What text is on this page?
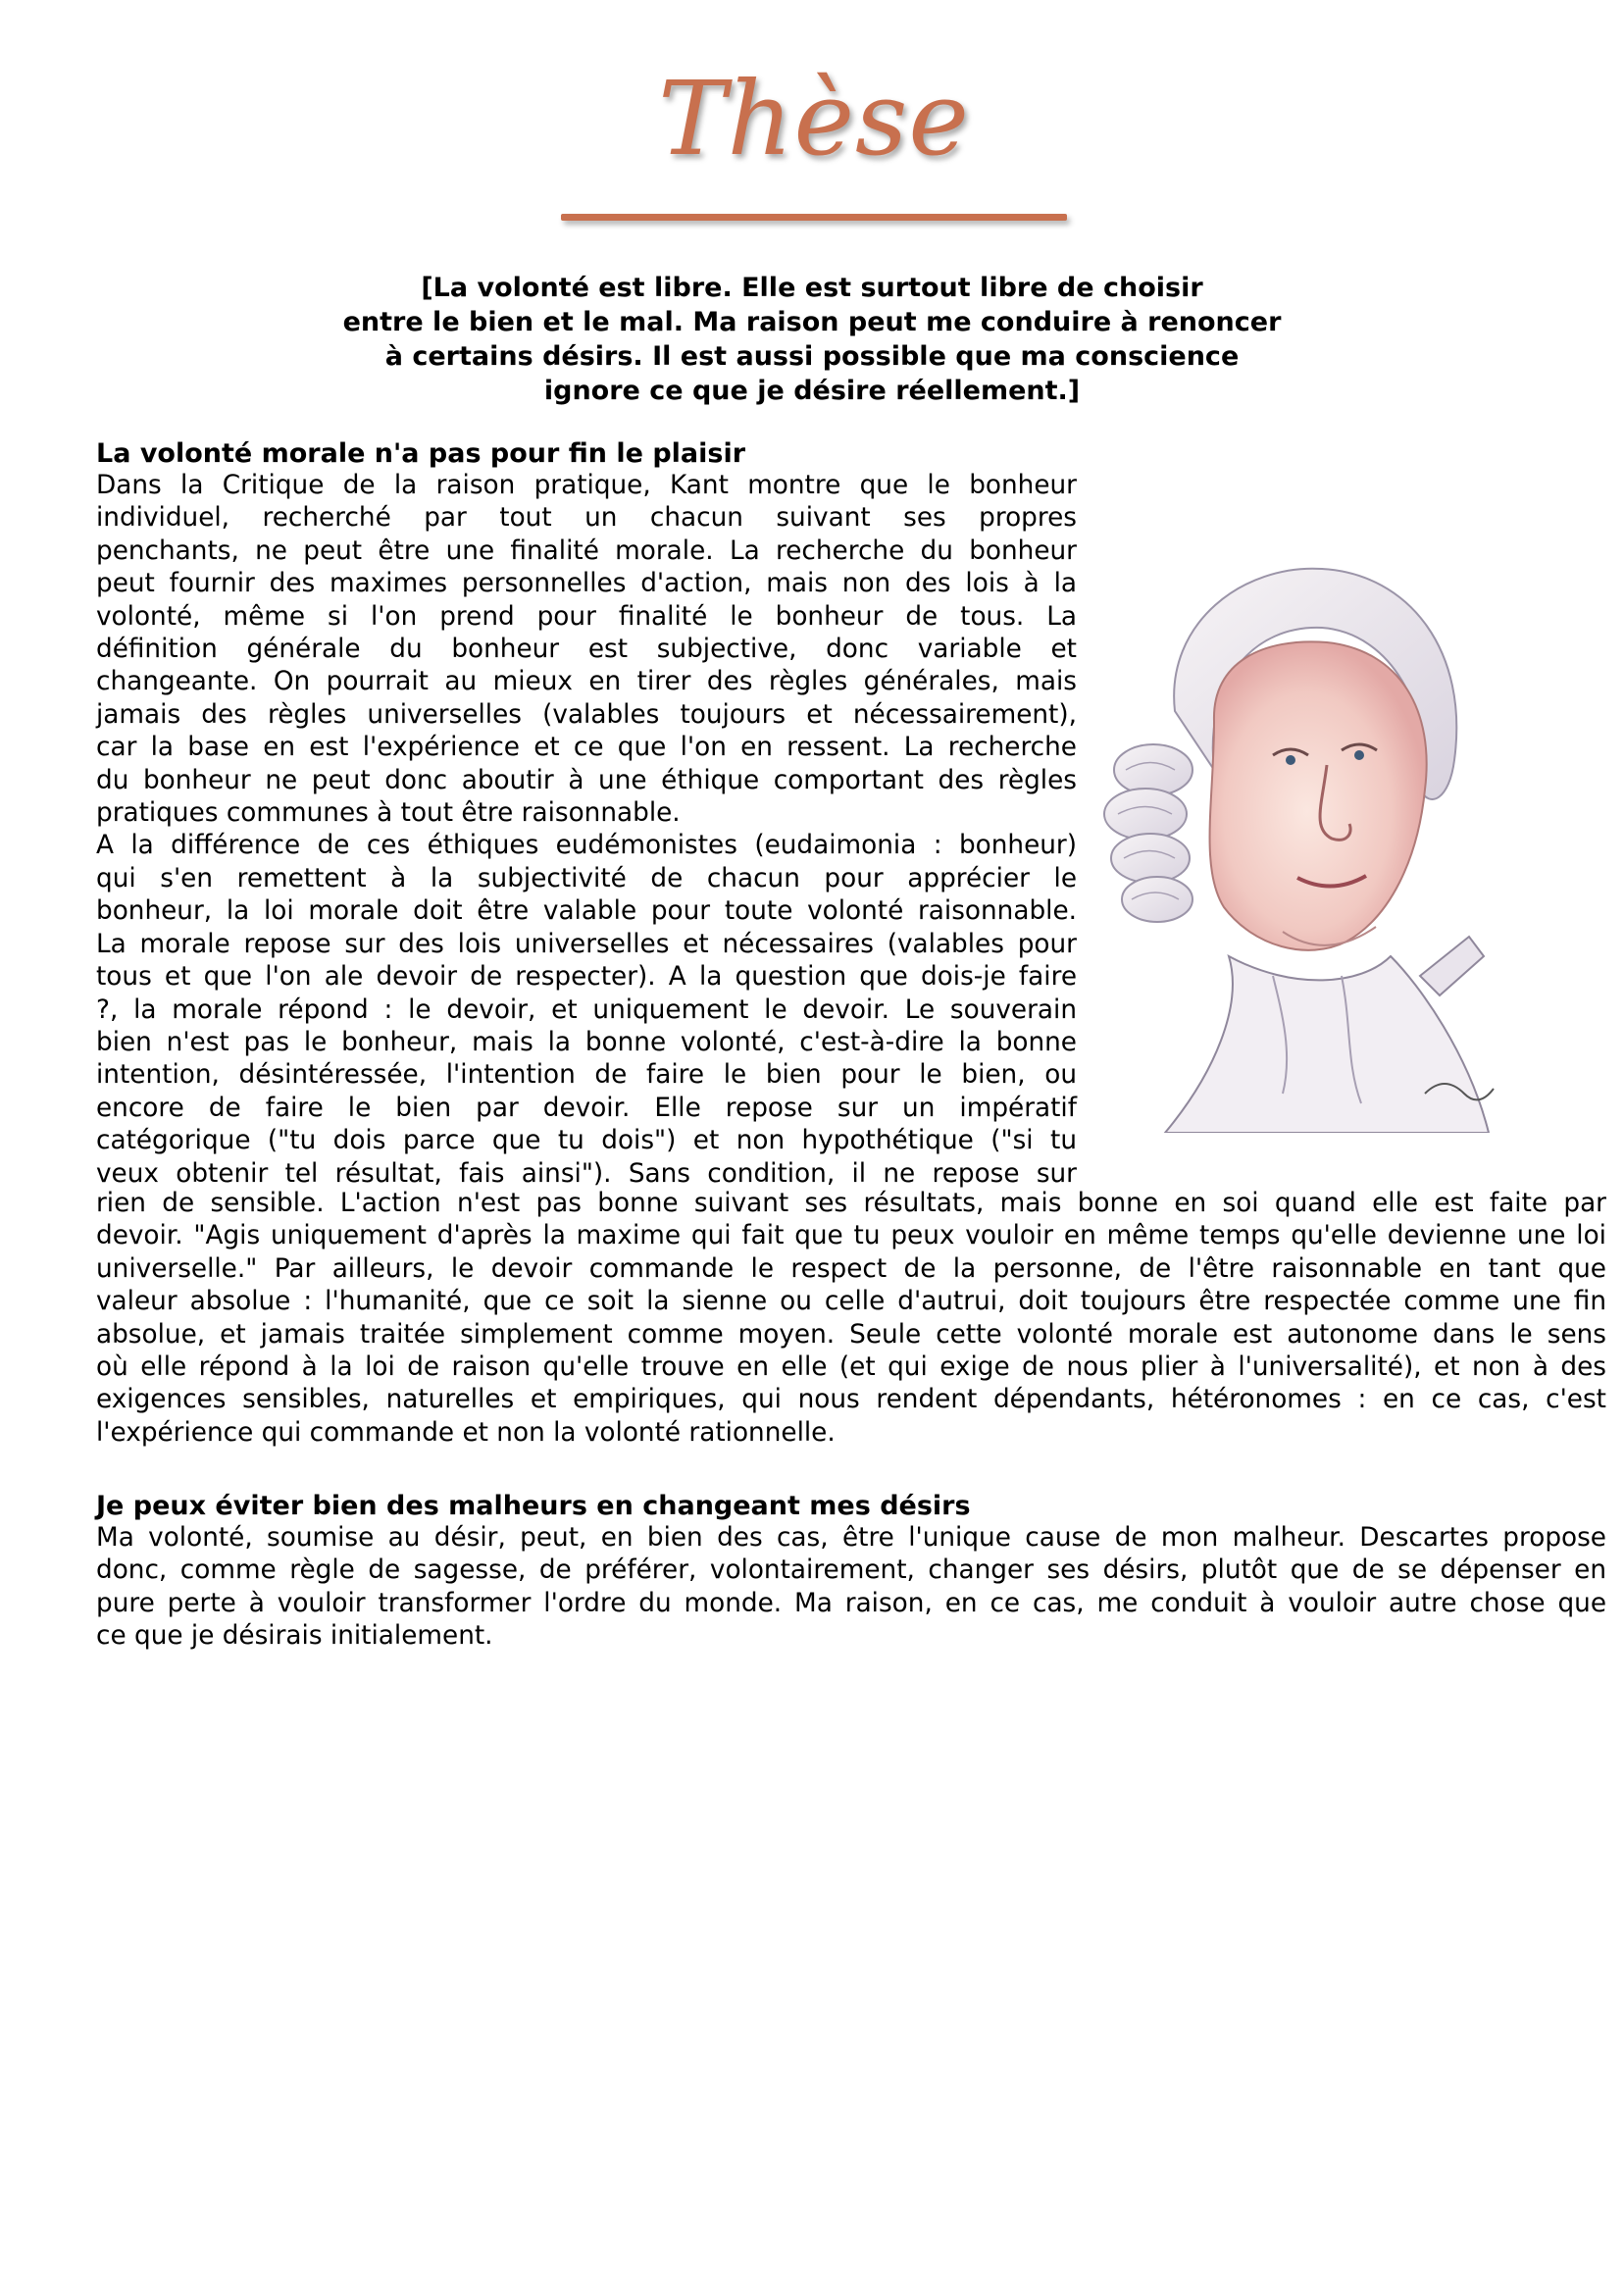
Thèse
[La volonté est libre. Elle est surtout libre de choisir
entre le bien et le mal. Ma raison peut me conduire à renoncer
à certains désirs. Il est aussi possible que ma conscience
ignore ce que je désire réellement.]
La volonté morale n'a pas pour fin le plaisir
Dans la Critique de la raison pratique, Kant montre que le bonheur
individuel, recherché par tout un chacun suivant ses propres
penchants, ne peut être une finalité morale. La recherche du bonheur
peut fournir des maximes personnelles d'action, mais non des lois à la
volonté, même si l'on prend pour finalité le bonheur de tous. La
définition générale du bonheur est subjective, donc variable et
changeante. On pourrait au mieux en tirer des règles générales, mais
jamais des règles universelles (valables toujours et nécessairement),
car la base en est l'expérience et ce que l'on en ressent. La recherche
du bonheur ne peut donc aboutir à une éthique comportant des règles
pratiques communes à tout être raisonnable.
A la différence de ces éthiques eudémonistes (eudaimonia : bonheur)
qui s'en remettent à la subjectivité de chacun pour apprécier le
bonheur, la loi morale doit être valable pour toute volonté raisonnable.
La morale repose sur des lois universelles et nécessaires (valables pour
tous et que l'on ale devoir de respecter). A la question que dois-je faire
?, la morale répond : le devoir, et uniquement le devoir. Le souverain
bien n'est pas le bonheur, mais la bonne volonté, c'est-à-dire la bonne
intention, désintéressée, l'intention de faire le bien pour le bien, ou
encore de faire le bien par devoir. Elle repose sur un impératif
catégorique ("tu dois parce que tu dois") et non hypothétique ("si tu
veux obtenir tel résultat, fais ainsi"). Sans condition, il ne repose sur
rien de sensible. L'action n'est pas bonne suivant ses résultats, mais bonne en soi quand elle est faite par
devoir. "Agis uniquement d'après la maxime qui fait que tu peux vouloir en même temps qu'elle devienne une loi
universelle." Par ailleurs, le devoir commande le respect de la personne, de l'être raisonnable en tant que
valeur absolue : l'humanité, que ce soit la sienne ou celle d'autrui, doit toujours être respectée comme une fin
absolue, et jamais traitée simplement comme moyen. Seule cette volonté morale est autonome dans le sens
où elle répond à la loi de raison qu'elle trouve en elle (et qui exige de nous plier à l'universalité), et non à des
exigences sensibles, naturelles et empiriques, qui nous rendent dépendants, hétéronomes : en ce cas, c'est
l'expérience qui commande et non la volonté rationnelle.
Je peux éviter bien des malheurs en changeant mes désirs
Ma volonté, soumise au désir, peut, en bien des cas, être l'unique cause de mon malheur. Descartes propose
donc, comme règle de sagesse, de préférer, volontairement, changer ses désirs, plutôt que de se dépenser en
pure perte à vouloir transformer l'ordre du monde. Ma raison, en ce cas, me conduit à vouloir autre chose que
ce que je désirais initialement.
